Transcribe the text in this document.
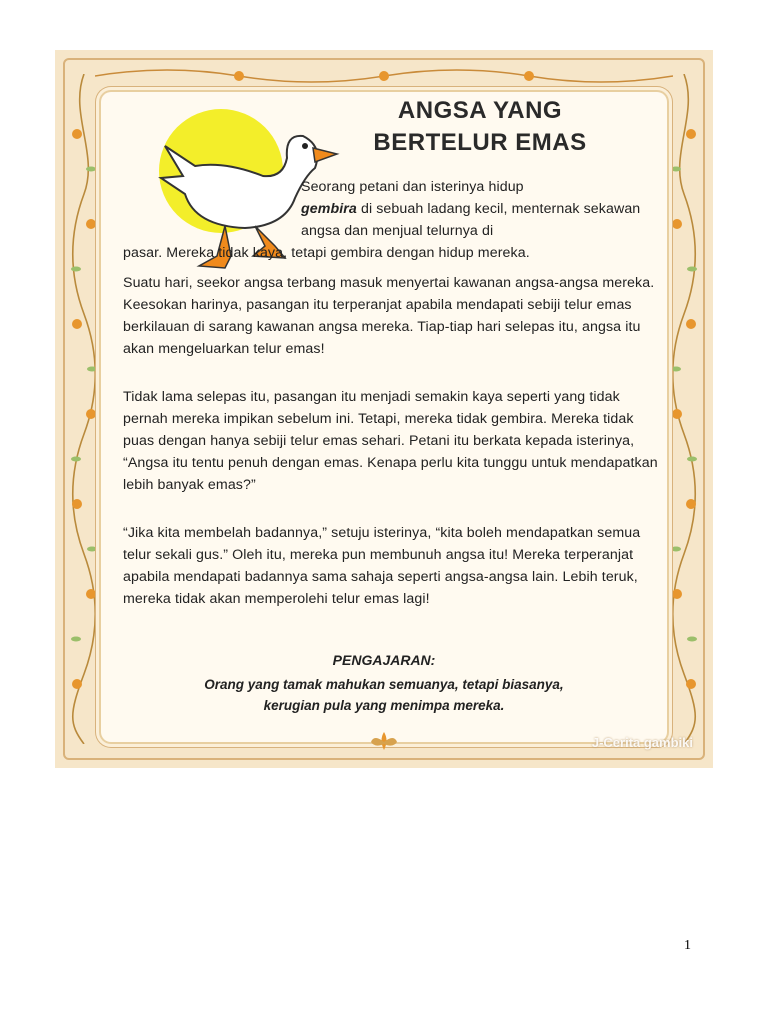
ANGSA YANG
BERTELUR EMAS

Seorang petani dan isterinya hidup
gembira di sebuah ladang kecil, menternak sekawan angsa dan menjual telurnya di

pasar. Mereka tidak kaya, tetapi gembira dengan hidup mereka.

Suatu hari, seekor angsa terbang masuk menyertai kawanan angsa-angsa mereka. Keesokan harinya, pasangan itu terperanjat apabila mendapati sebiji telur emas berkilauan di sarang kawanan angsa mereka. Tiap-tiap hari selepas itu, angsa itu akan mengeluarkan telur emas!

Tidak lama selepas itu, pasangan itu menjadi semakin kaya seperti yang tidak pernah mereka impikan sebelum ini. Tetapi, mereka tidak gembira. Mereka tidak puas dengan hanya sebiji telur emas sehari. Petani itu berkata kepada isterinya, “Angsa itu tentu penuh dengan emas. Kenapa perlu kita tunggu untuk mendapatkan lebih banyak emas?”

“Jika kita membelah badannya,” setuju isterinya, “kita boleh mendapatkan semua telur sekali gus.” Oleh itu, mereka pun membunuh angsa itu! Mereka terperanjat apabila mendapati badannya sama sahaja seperti angsa-angsa lain. Lebih teruk, mereka tidak akan memperolehi telur emas lagi!

PENGAJARAN:
Orang yang tamak mahukan semuanya, tetapi biasanya,
kerugian pula yang menimpa mereka.
J-Cerita gambiki
1
